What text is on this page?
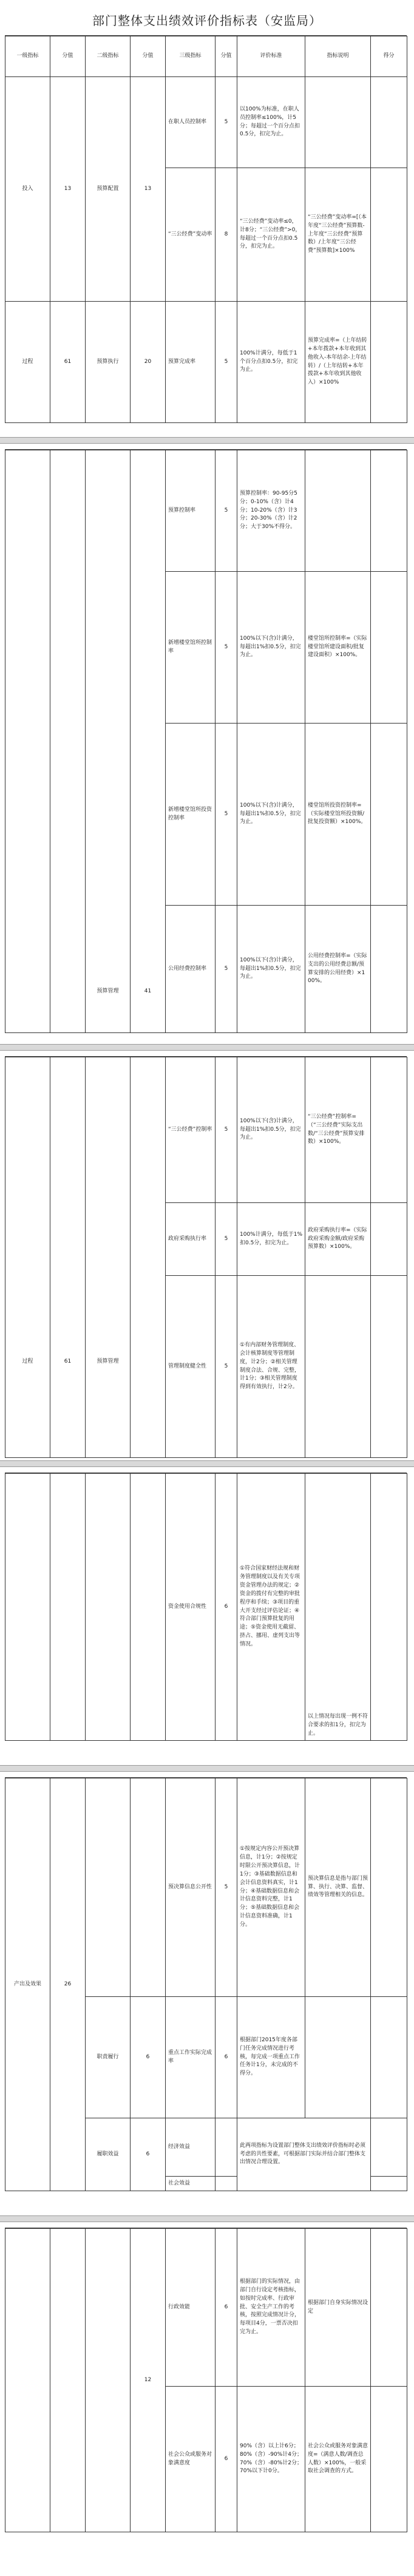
部门整体支出绩效评价指标表（安监局）
一级指标	分值	二级指标	分值	三级指标	分值	评价标准	指标说明	得分
投入	13	预算配置	13	在职人员控制率	5	以100%为标准，在职人员控制率≤100%，计5分；每超过一个百分点扣0.5分，扣完为止。		
				“三公经费”变动率	8	“三公经费”变动率≤0，计8分；“三公经费”>0，每超过一个百分点扣0.5分，扣完为止。	“三公经费”变动率=[（本年度“三公经费”预算数-上年度“三公经费”预算数）/上年度“三公经费”预算数]×100%	
过程	61	预算执行	20	预算完成率	5	100%计满分，每低于1个百分点扣0.5分，扣完为止。	预算完成率=（上年结转+本年拨款+本年收到其他收入-本年结余-上年结转）/（上年结转+本年拨款+本年收到其他收入）×100%	
		预算管理	41	预算控制率	5	预算控制率：90-95分5分；0-10%（含）计4分；10-20%（含）计3分；20-30%（含）计2分；大于30%不得分。		
				新增楼堂馆所控制率	5	100%以下(含)计满分，每超出1%扣0.5分，扣完为止。	楼堂馆所控制率=（实际楼堂馆所建设面积/批复建设面积）×100%。	
				新增楼堂馆所投资控制率	5	100%以下(含)计满分，每超出1%扣0.5分，扣完为止。	楼堂馆所投资控制率=（实际楼堂馆所投资额/批复投资额）×100%。	
				公用经费控制率	5	100%以下(含)计满分，每超出1%扣0.5分，扣完为止。	公用经费控制率=（实际支出的公用经费总额/预算安排的公用经费）×100%。	
过程	61	预算管理		“三公经费”控制率	5	100%以下(含)计满分，每超出1%扣0.5分，扣完为止。	“三公经费”控制率=（“三公经费”实际支出数/“三公经费”预算安排数）×100%。	
				政府采购执行率	5	100%计满分，每低于1%扣0.5分，扣完为止。	政府采购执行率=（实际政府采购金额/政府采购预算数）×100%。	
				管理制度健全性	5	①有内部财务管理制度、会计核算制度等管理制度，计2分；②相关管理制度合法、合规、完整，计1分；③相关管理制度得到有效执行，计2分。		
				资金使用合规性	6	①符合国家财经法规和财务管理制度以及有关专项资金管理办法的规定；②资金的拨付有完整的审批程序和手续；③项目的重大开支经过评估论证；④符合部门预算批复的用途；⑤资金使用无截留、挤占、挪用、虚列支出等情况。	以上情况每出现一例不符合要求的扣1分，扣完为止。	
产出及效果	26			预决算信息公开性	5	①按规定内容公开预决算信息，计1分；②按规定时限公开预决算信息，计1分；③基础数据信息和会计信息资料真实，计1分；④基础数据信息和会计信息资料完整，计1分；⑤基础数据信息和会计信息资料准确，计1分。	预决算信息是指与部门预算、执行、决算、监督、绩效等管理相关的信息。	
		职责履行	6	重点工作实际完成率	6	根据部门2015年度各部门任务完成情况进行考核，每完成一项重点工作任务计1分，未完成的不得分。		
		履职效益	6	经济效益		此两项指标为设置部门整体支出绩效评价指标时必须考虑的共性要素，可根据部门实际并结合部门整体支出情况合理设置。		
				社会效益				
			12	行政效能	6	根据部门的实际情况，由部门自行设定考核指标，如按时完成率、行政审批、安全生产工作的考核，按照完成情况计分，每项目4分，一票否决扣完为止。	根据部门自身实际情况设定	
				社会公众或服务对象满意度	6	90%（含）以上计6分；80%（含）-90%计4分；70%（含）-80%计2分；70%以下计0分。	社会公众或服务对象满意度=（满意人数/调查总人数）×100%，一般采取社会调查的方式。	
